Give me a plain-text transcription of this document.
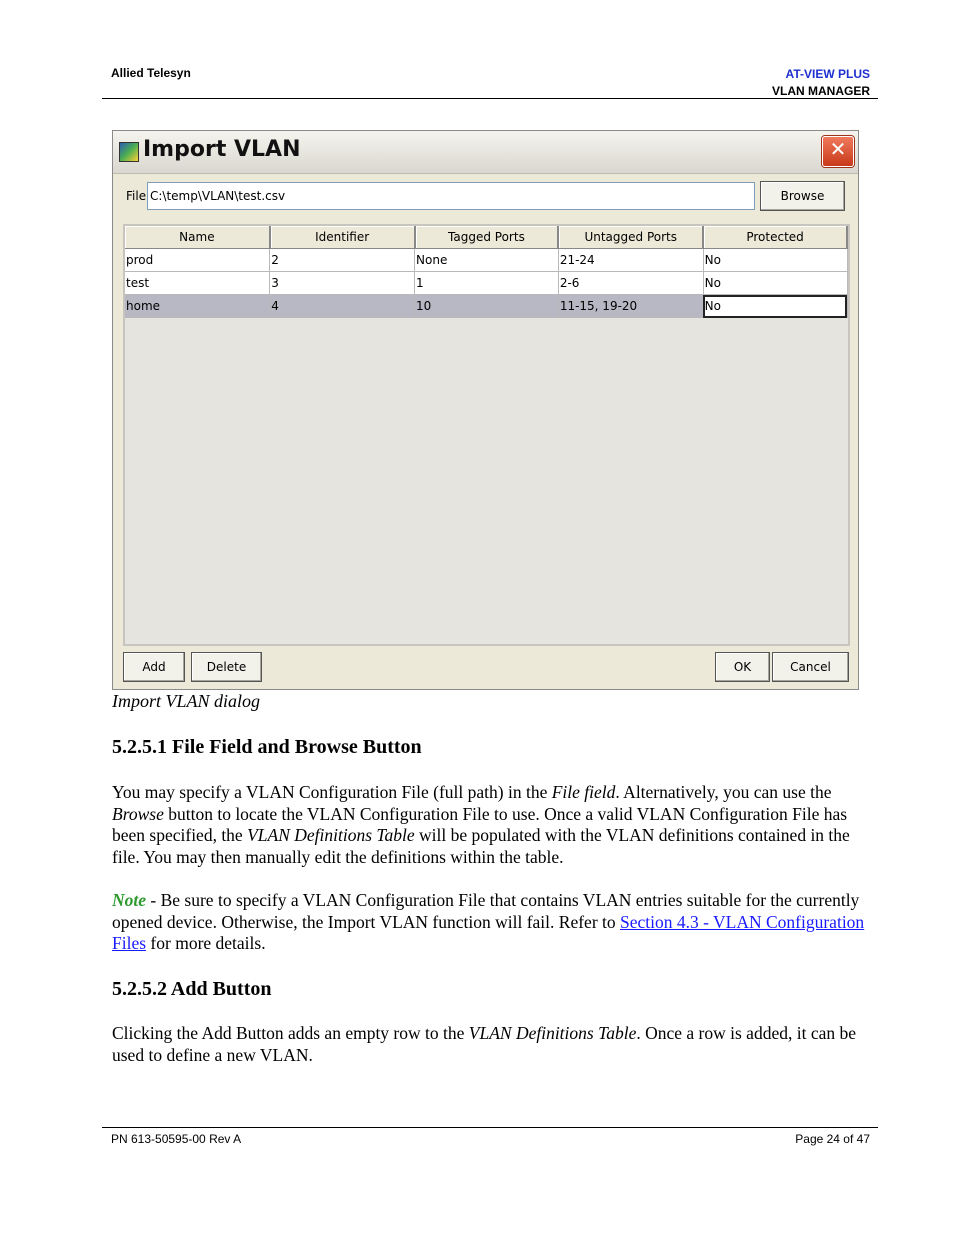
Allied Telesyn	AT-VIEW PLUS
VLAN MANAGER
Import VLAN	✕
File C:\temp\VLAN\test.csv	Browse
Name	Identifier	Tagged Ports	Untagged Ports	Protected
prod	2	None	21-24	No
test	3	1	2-6	No
home	4	10	11-15, 19-20	No
Add	Delete	OK	Cancel
Import VLAN dialog
5.2.5.1 File Field and Browse Button

You may specify a VLAN Configuration File (full path) in the File field. Alternatively, you can use the Browse button to locate the VLAN Configuration File to use. Once a valid VLAN Configuration File has been specified, the VLAN Definitions Table will be populated with the VLAN definitions contained in the file. You may then manually edit the definitions within the table.

Note - Be sure to specify a VLAN Configuration File that contains VLAN entries suitable for the currently opened device. Otherwise, the Import VLAN function will fail. Refer to Section 4.3 - VLAN Configuration Files for more details.

5.2.5.2 Add Button

Clicking the Add Button adds an empty row to the VLAN Definitions Table. Once a row is added, it can be used to define a new VLAN.

PN 613-50595-00 Rev A	Page 24 of 47
